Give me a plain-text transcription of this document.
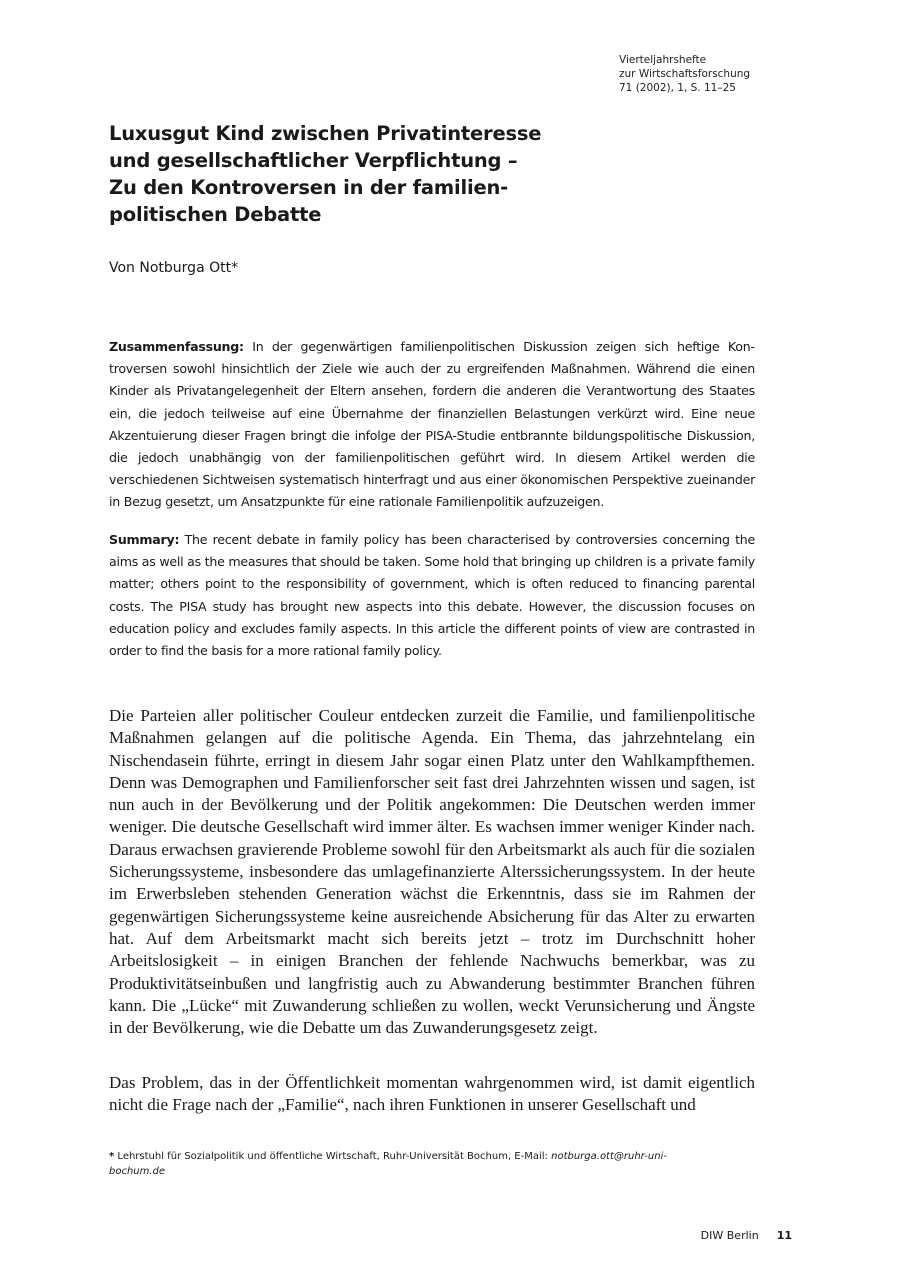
Vierteljahrshefte
zur Wirtschaftsforschung
71 (2002), 1, S. 11–25
Luxusgut Kind zwischen Privatinteresse
und gesellschaftlicher Verpflichtung –
Zu den Kontroversen in der familien-
politischen Debatte
Von Notburga Ott*
Zusammenfassung: In der gegenwärtigen familienpolitischen Diskussion zeigen sich heftige Kontroversen sowohl hinsichtlich der Ziele wie auch der zu ergreifenden Maßnahmen. Während die einen Kinder als Privatangelegenheit der Eltern ansehen, fordern die anderen die Verantwortung des Staates ein, die jedoch teilweise auf eine Übernahme der finanziellen Belastungen verkürzt wird. Eine neue Akzentuierung dieser Fragen bringt die infolge der PISA-Studie entbrannte bildungspolitische Diskussion, die jedoch unabhängig von der familienpolitischen geführt wird. In diesem Artikel werden die verschiedenen Sichtweisen systematisch hinterfragt und aus einer ökonomischen Perspektive zueinander in Bezug gesetzt, um Ansatzpunkte für eine rationale Familienpolitik aufzuzeigen.
Summary: The recent debate in family policy has been characterised by controversies concerning the aims as well as the measures that should be taken. Some hold that bringing up children is a private family matter; others point to the responsibility of government, which is often reduced to financing parental costs. The PISA study has brought new aspects into this debate. However, the discussion focuses on education policy and excludes family aspects. In this article the different points of view are contrasted in order to find the basis for a more rational family policy.

Die Parteien aller politischer Couleur entdecken zurzeit die Familie, und familienpolitische Maßnahmen gelangen auf die politische Agenda. Ein Thema, das jahrzehntelang ein Nischendasein führte, erringt in diesem Jahr sogar einen Platz unter den Wahlkampfthemen. Denn was Demographen und Familienforscher seit fast drei Jahrzehnten wissen und sagen, ist nun auch in der Bevölkerung und der Politik angekommen: Die Deutschen werden immer weniger. Die deutsche Gesellschaft wird immer älter. Es wachsen immer weniger Kinder nach. Daraus erwachsen gravierende Probleme sowohl für den Arbeitsmarkt als auch für die sozialen Sicherungssysteme, insbesondere das umlagefinanzierte Alterssicherungssystem. In der heute im Erwerbsleben stehenden Generation wächst die Erkenntnis, dass sie im Rahmen der gegenwärtigen Sicherungssysteme keine ausreichende Absicherung für das Alter zu erwarten hat. Auf dem Arbeitsmarkt macht sich bereits jetzt – trotz im Durchschnitt hoher Arbeitslosigkeit – in einigen Branchen der fehlende Nachwuchs bemerkbar, was zu Produktivitätseinbußen und langfristig auch zu Abwanderung bestimmter Branchen führen kann. Die „Lücke“ mit Zuwanderung schließen zu wollen, weckt Verunsicherung und Ängste in der Bevölkerung, wie die Debatte um das Zuwanderungsgesetz zeigt.

Das Problem, das in der Öffentlichkeit momentan wahrgenommen wird, ist damit eigentlich nicht die Frage nach der „Familie“, nach ihren Funktionen in unserer Gesellschaft und

* Lehrstuhl für Sozialpolitik und öffentliche Wirtschaft, Ruhr-Universität Bochum, E-Mail: notburga.ott@ruhr-uni-bochum.de
DIW Berlin 11
